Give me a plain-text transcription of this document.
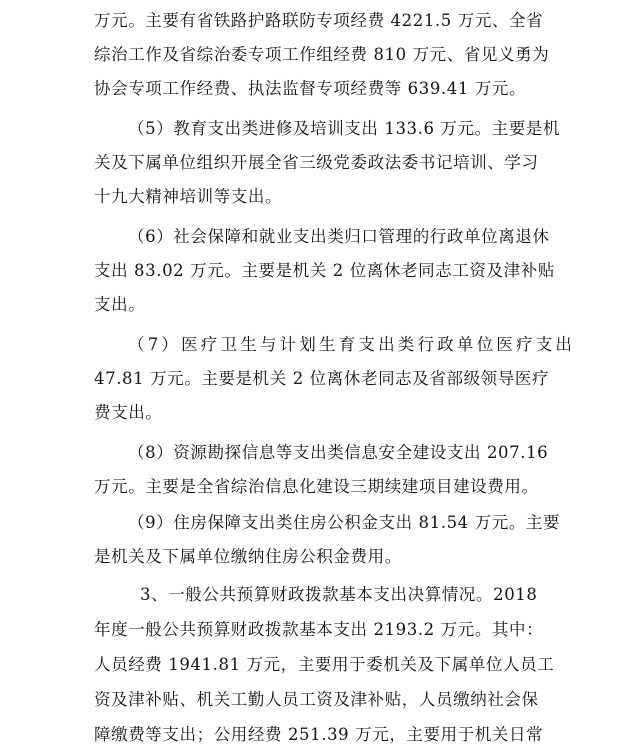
万元。主要有省铁路护路联防专项经费 4221.5 万元、全省
综治工作及省综治委专项工作组经费 810 万元、省见义勇为
协会专项工作经费、执法监督专项经费等 639.41 万元。
（5）教育支出类进修及培训支出 133.6 万元。主要是机
关及下属单位组织开展全省三级党委政法委书记培训、学习
十九大精神培训等支出。
（6）社会保障和就业支出类归口管理的行政单位离退休
支出 83.02 万元。主要是机关 2 位离休老同志工资及津补贴
支出。
（7）医疗卫生与计划生育支出类行政单位医疗支出
47.81 万元。主要是机关 2 位离休老同志及省部级领导医疗
费支出。
（8）资源勘探信息等支出类信息安全建设支出 207.16
万元。主要是全省综治信息化建设三期续建项目建设费用。
（9）住房保障支出类住房公积金支出 81.54 万元。主要
是机关及下属单位缴纳住房公积金费用。
3、一般公共预算财政拨款基本支出决算情况。2018
年度一般公共预算财政拨款基本支出 2193.2 万元。其中：
人员经费 1941.81 万元，主要用于委机关及下属单位人员工
资及津补贴、机关工勤人员工资及津补贴，人员缴纳社会保
障缴费等支出；公用经费 251.39 万元，主要用于机关日常
